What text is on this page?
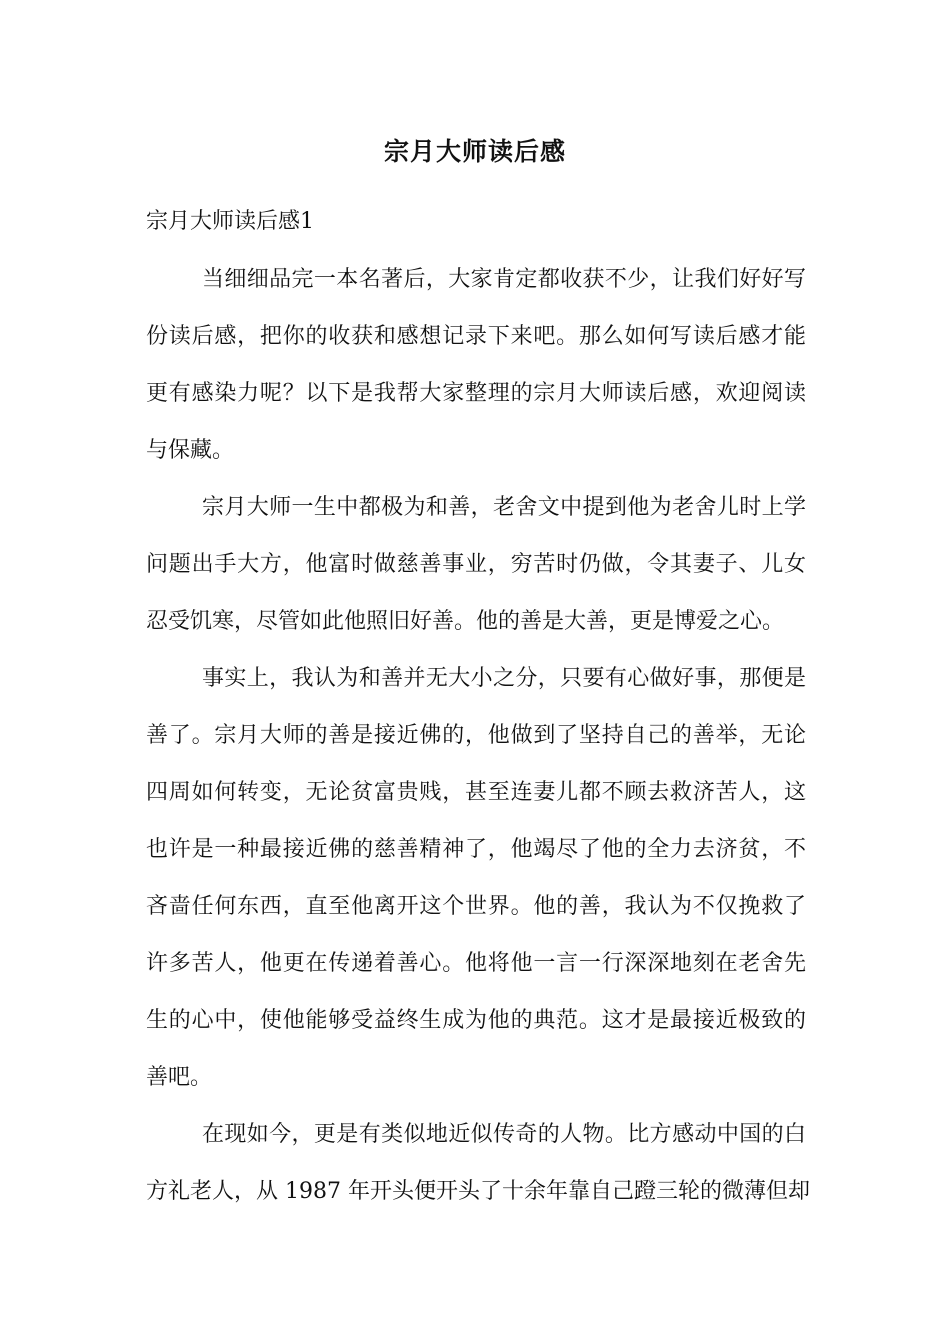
宗月大师读后感
宗月大师读后感1
当细细品完一本名著后，大家肯定都收获不少，让我们好好写
份读后感，把你的收获和感想记录下来吧。那么如何写读后感才能
更有感染力呢？以下是我帮大家整理的宗月大师读后感，欢迎阅读
与保藏。
宗月大师一生中都极为和善，老舍文中提到他为老舍儿时上学
问题出手大方，他富时做慈善事业，穷苦时仍做，令其妻子、儿女
忍受饥寒，尽管如此他照旧好善。他的善是大善，更是博爱之心。
事实上，我认为和善并无大小之分，只要有心做好事，那便是
善了。宗月大师的善是接近佛的，他做到了坚持自己的善举，无论
四周如何转变，无论贫富贵贱，甚至连妻儿都不顾去救济苦人，这
也许是一种最接近佛的慈善精神了，他竭尽了他的全力去济贫，不
吝啬任何东西，直至他离开这个世界。他的善，我认为不仅挽救了
许多苦人，他更在传递着善心。他将他一言一行深深地刻在老舍先
生的心中，使他能够受益终生成为他的典范。这才是最接近极致的
善吧。
在现如今，更是有类似地近似传奇的人物。比方感动中国的白
方礼老人，从 1987 年开头便开头了十余年靠自己蹬三轮的微薄但却
